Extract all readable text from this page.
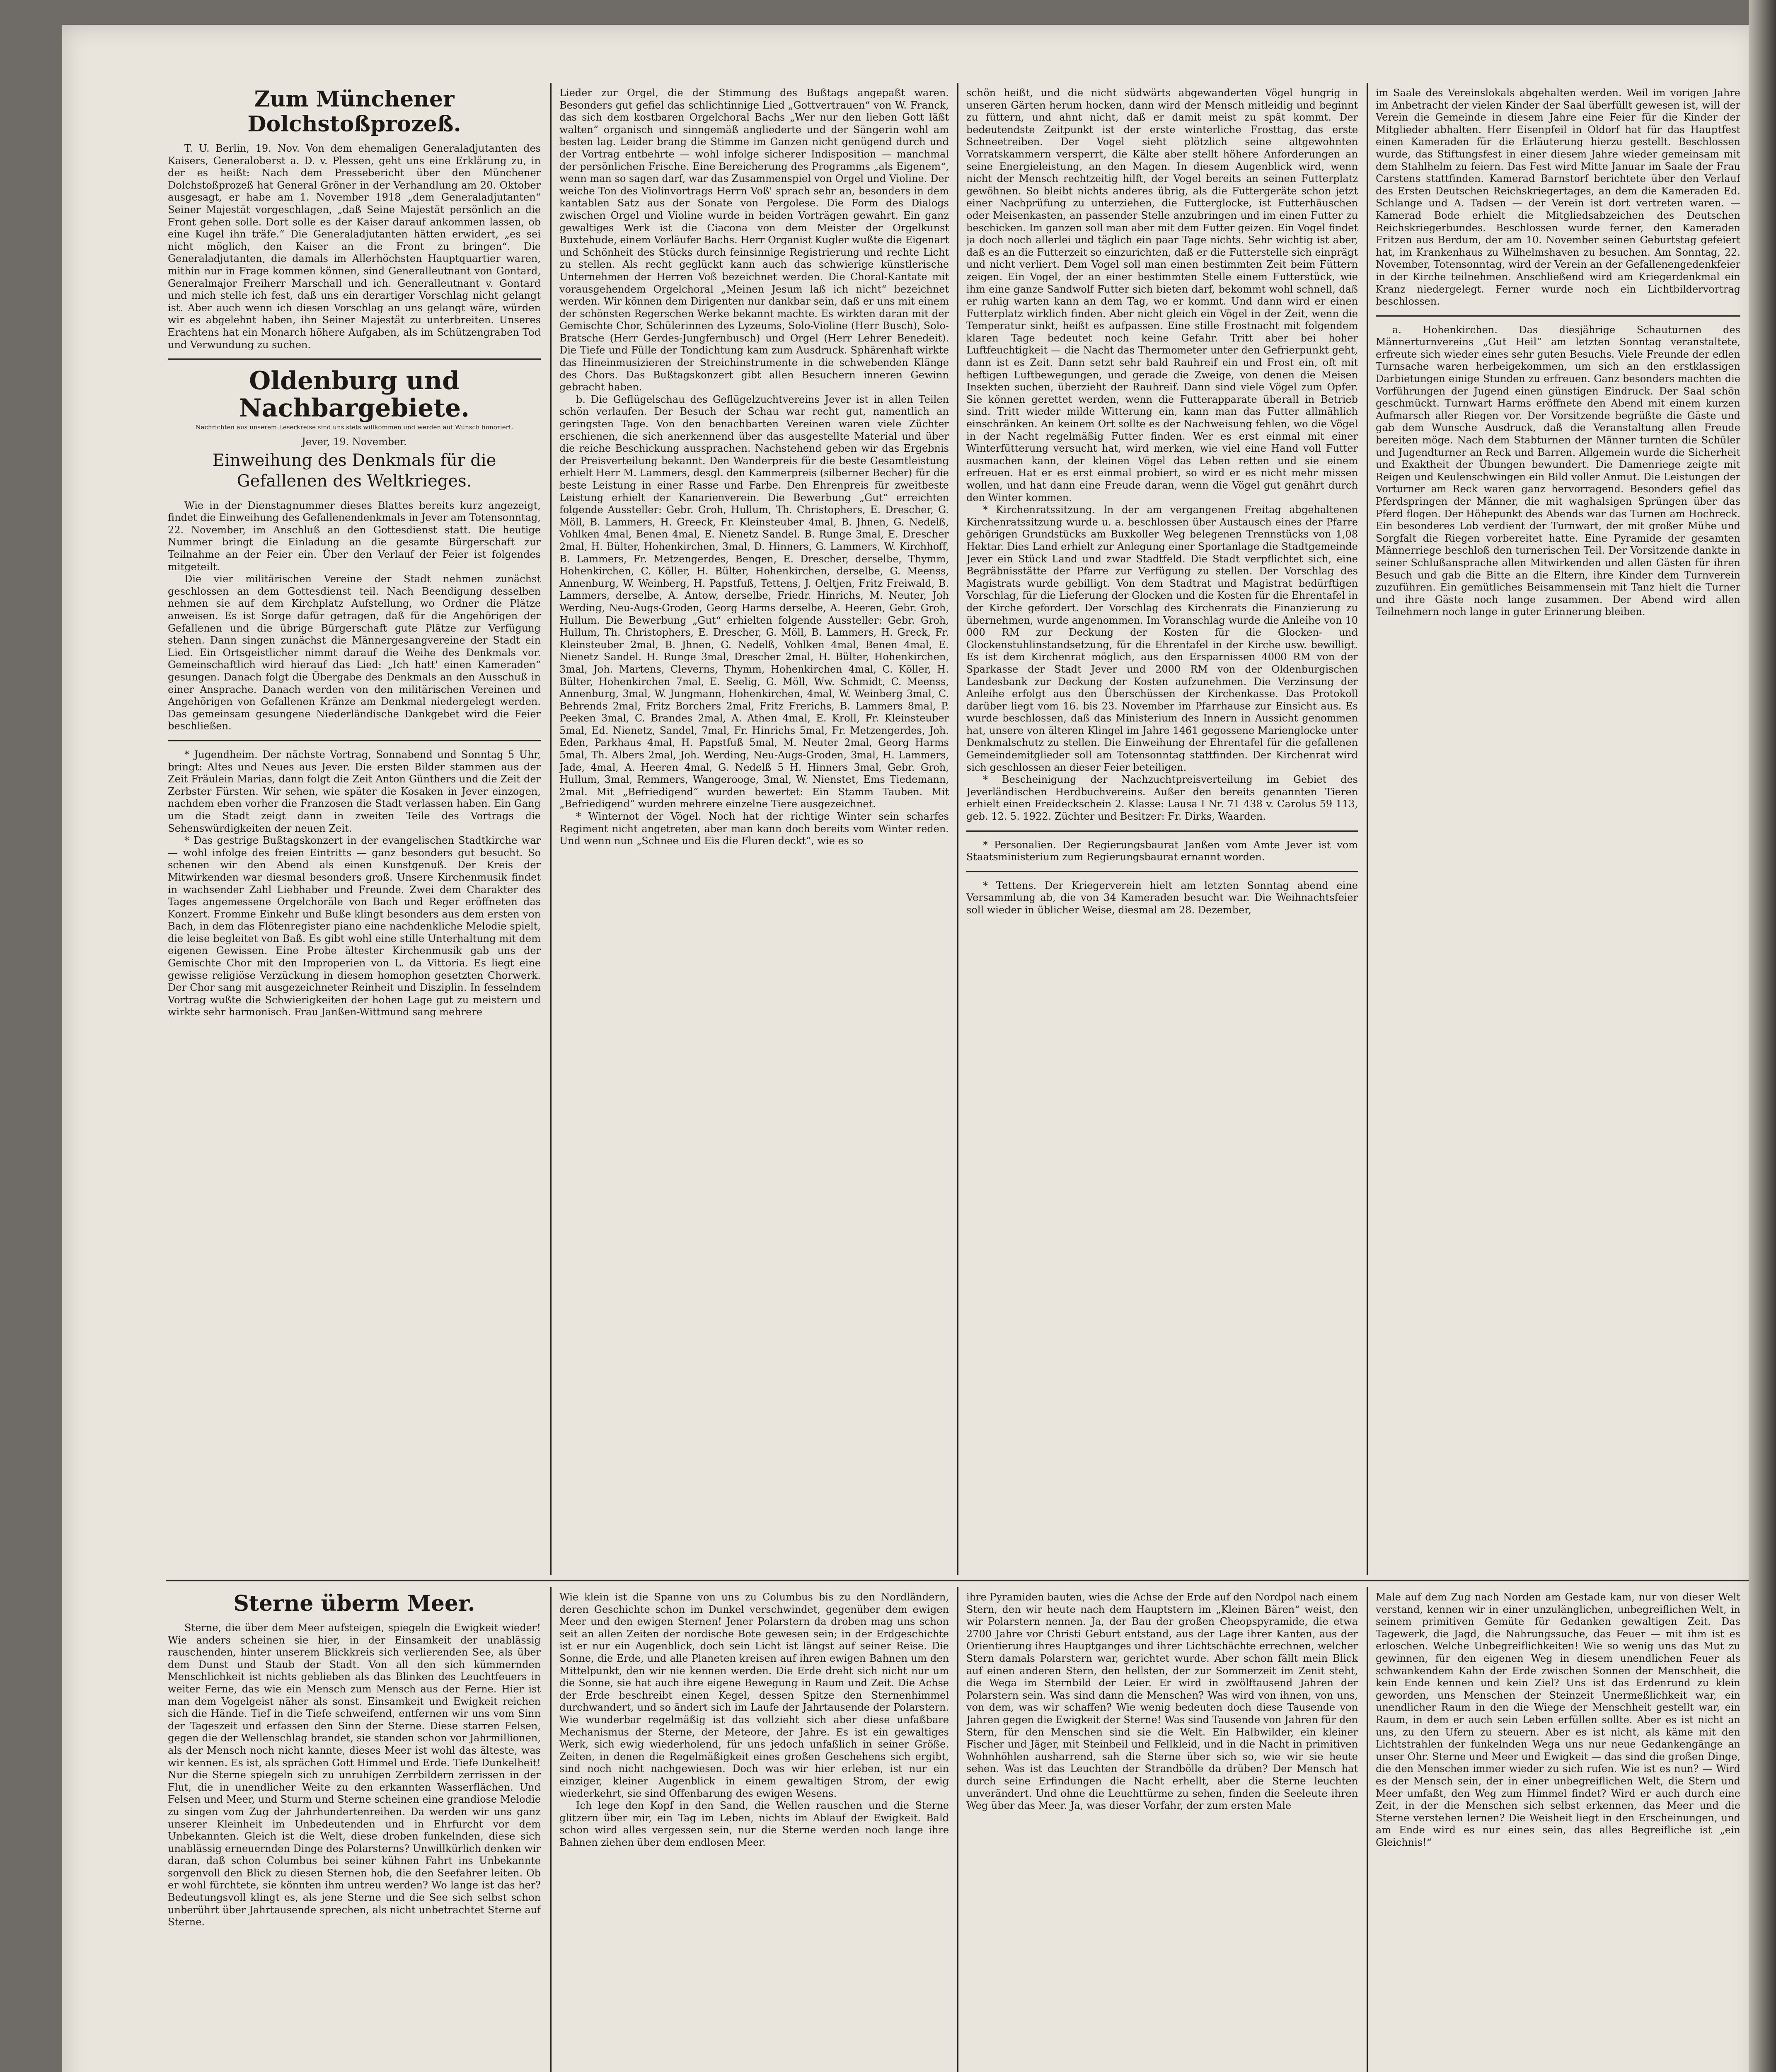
Zum Münchener Dolchstoßprozeß.

T. U. Berlin, 19. Nov. Von dem ehemaligen Generaladjutanten des Kaisers, Generaloberst a. D. v. Plessen, geht uns eine Erklärung zu, in der es heißt: Nach dem Pressebericht über den Münchener Dolchstoßprozeß hat General Gröner in der Verhandlung am 20. Oktober ausgesagt, er habe am 1. November 1918 „dem Generaladjutanten“ Seiner Majestät vorgeschlagen, „daß Seine Majestät persönlich an die Front gehen solle. Dort solle es der Kaiser darauf ankommen lassen, ob eine Kugel ihn träfe.“ Die Generaladjutanten hätten erwidert, „es sei nicht möglich, den Kaiser an die Front zu bringen“. Die Generaladjutanten, die damals im Allerhöchsten Hauptquartier waren, mithin nur in Frage kommen können, sind Generalleutnant von Gontard, Generalmajor Freiherr Marschall und ich. Generalleutnant v. Gontard und mich stelle ich fest, daß uns ein derartiger Vorschlag nicht gelangt ist. Aber auch wenn ich diesen Vorschlag an uns gelangt wäre, würden wir es abgelehnt haben, ihn Seiner Majestät zu unterbreiten. Unseres Erachtens hat ein Monarch höhere Aufgaben, als im Schützengraben Tod und Verwundung zu suchen.

Oldenburg und Nachbargebiete.
Nachrichten aus unserem Leserkreise sind uns stets willkommen und werden auf Wunsch honoriert.
Jever, 19. November.
Einweihung des Denkmals für die Gefallenen des Weltkrieges.

Wie in der Dienstagnummer dieses Blattes bereits kurz angezeigt, findet die Einweihung des Gefallenendenkmals in Jever am Totensonntag, 22. November, im Anschluß an den Gottesdienst statt. Die heutige Nummer bringt die Einladung an die gesamte Bürgerschaft zur Teilnahme an der Feier ein. Über den Verlauf der Feier ist folgendes mitgeteilt.

Die vier militärischen Vereine der Stadt nehmen zunächst geschlossen an dem Gottesdienst teil. Nach Beendigung desselben nehmen sie auf dem Kirchplatz Aufstellung, wo Ordner die Plätze anweisen. Es ist Sorge dafür getragen, daß für die Angehörigen der Gefallenen und die übrige Bürgerschaft gute Plätze zur Verfügung stehen. Dann singen zunächst die Männergesangvereine der Stadt ein Lied. Ein Ortsgeistlicher nimmt darauf die Weihe des Denkmals vor. Gemeinschaftlich wird hierauf das Lied: „Ich hatt' einen Kameraden“ gesungen. Danach folgt die Übergabe des Denkmals an den Ausschuß in einer Ansprache. Danach werden von den militärischen Vereinen und Angehörigen von Gefallenen Kränze am Denkmal niedergelegt werden. Das gemeinsam gesungene Niederländische Dankgebet wird die Feier beschließen.

* Jugendheim. Der nächste Vortrag, Sonnabend und Sonntag 5 Uhr, bringt: Altes und Neues aus Jever. Die ersten Bilder stammen aus der Zeit Fräulein Marias, dann folgt die Zeit Anton Günthers und die Zeit der Zerbster Fürsten. Wir sehen, wie später die Kosaken in Jever einzogen, nachdem eben vorher die Franzosen die Stadt verlassen haben. Ein Gang um die Stadt zeigt dann in zweiten Teile des Vortrags die Sehenswürdigkeiten der neuen Zeit.

* Das gestrige Bußtagskonzert in der evangelischen Stadtkirche war — wohl infolge des freien Eintritts — ganz besonders gut besucht. So schenen wir den Abend als einen Kunstgenuß. Der Kreis der Mitwirkenden war diesmal besonders groß. Unsere Kirchenmusik findet in wachsender Zahl Liebhaber und Freunde. Zwei dem Charakter des Tages angemessene Orgelchoräle von Bach und Reger eröffneten das Konzert. Fromme Einkehr und Buße klingt besonders aus dem ersten von Bach, in dem das Flötenregister piano eine nachdenkliche Melodie spielt, die leise begleitet von Baß. Es gibt wohl eine stille Unterhaltung mit dem eigenen Gewissen. Eine Probe ältester Kirchenmusik gab uns der Gemischte Chor mit den Improperien von L. da Vittoria. Es liegt eine gewisse religiöse Verzückung in diesem homophon gesetzten Chorwerk. Der Chor sang mit ausgezeichneter Reinheit und Disziplin. In fesselndem Vortrag wußte die Schwierigkeiten der hohen Lage gut zu meistern und wirkte sehr harmonisch. Frau Janßen-Wittmund sang mehrere

Lieder zur Orgel, die der Stimmung des Bußtags angepaßt waren. Besonders gut gefiel das schlichtinnige Lied „Gottvertrauen“ von W. Franck, das sich dem kostbaren Orgelchoral Bachs „Wer nur den lieben Gott läßt walten“ organisch und sinngemäß angliederte und der Sängerin wohl am besten lag. Leider brang die Stimme im Ganzen nicht genügend durch und der Vortrag entbehrte — wohl infolge sicherer Indisposition — manchmal der persönlichen Frische. Eine Bereicherung des Programms „als Eigenem“, wenn man so sagen darf, war das Zusammenspiel von Orgel und Violine. Der weiche Ton des Violinvortrags Herrn Voß' sprach sehr an, besonders in dem kantablen Satz aus der Sonate von Pergolese. Die Form des Dialogs zwischen Orgel und Violine wurde in beiden Vorträgen gewahrt. Ein ganz gewaltiges Werk ist die Ciacona von dem Meister der Orgelkunst Buxtehude, einem Vorläufer Bachs. Herr Organist Kugler wußte die Eigenart und Schönheit des Stücks durch feinsinnige Registrierung und rechte Licht zu stellen. Als recht geglückt kann auch das schwierige künstlerische Unternehmen der Herren Voß bezeichnet werden. Die Choral-Kantate mit vorausgehendem Orgelchoral „Meinen Jesum laß ich nicht“ bezeichnet werden. Wir können dem Dirigenten nur dankbar sein, daß er uns mit einem der schönsten Regerschen Werke bekannt machte. Es wirkten daran mit der Gemischte Chor, Schülerinnen des Lyzeums, Solo-Violine (Herr Busch), Solo-Bratsche (Herr Gerdes-Jungfernbusch) und Orgel (Herr Lehrer Benedeit). Die Tiefe und Fülle der Tondichtung kam zum Ausdruck. Sphärenhaft wirkte das Hineinmusizieren der Streichinstrumente in die schwebenden Klänge des Chors. Das Bußtagskonzert gibt allen Besuchern inneren Gewinn gebracht haben.

b. Die Geflügelschau des Geflügelzuchtvereins Jever ist in allen Teilen schön verlaufen. Der Besuch der Schau war recht gut, namentlich an geringsten Tage. Von den benachbarten Vereinen waren viele Züchter erschienen, die sich anerkennend über das ausgestellte Material und über die reiche Beschickung aussprachen. Nachstehend geben wir das Ergebnis der Preisverteilung bekannt. Den Wanderpreis für die beste Gesamtleistung erhielt Herr M. Lammers, desgl. den Kammerpreis (silberner Becher) für die beste Leistung in einer Rasse und Farbe. Den Ehrenpreis für zweitbeste Leistung erhielt der Kanarienverein. Die Bewerbung „Gut“ erreichten folgende Aussteller: Gebr. Groh, Hullum, Th. Christophers, E. Drescher, G. Möll, B. Lammers, H. Greeck, Fr. Kleinsteuber 4mal, B. Jhnen, G. Nedelß, Vohlken 4mal, Benen 4mal, E. Nienetz Sandel. B. Runge 3mal, E. Drescher 2mal, H. Bülter, Hohenkirchen, 3mal, D. Hinners, G. Lammers, W. Kirchhoff, B. Lammers, Fr. Metzengerdes, Bengen, E. Drescher, derselbe, Thymm, Hohenkirchen, C. Köller, H. Bülter, Hohenkirchen, derselbe, G. Meenss, Annenburg, W. Weinberg, H. Papstfuß, Tettens, J. Oeltjen, Fritz Freiwald, B. Lammers, derselbe, A. Antow, derselbe, Friedr. Hinrichs, M. Neuter, Joh Werding, Neu-Augs-Groden, Georg Harms derselbe, A. Heeren, Gebr. Groh, Hullum. Die Bewerbung „Gut“ erhielten folgende Aussteller: Gebr. Groh, Hullum, Th. Christophers, E. Drescher, G. Möll, B. Lammers, H. Greck, Fr. Kleinsteuber 2mal, B. Jhnen, G. Nedelß, Vohlken 4mal, Benen 4mal, E. Nienetz Sandel. H. Runge 3mal, Drescher 2mal, H. Bülter, Hohenkirchen, 3mal, Joh. Martens, Cleverns, Thymm, Hohenkirchen 4mal, C. Köller, H. Bülter, Hohenkirchen 7mal, E. Seelig, G. Möll, Ww. Schmidt, C. Meenss, Annenburg, 3mal, W. Jungmann, Hohenkirchen, 4mal, W. Weinberg 3mal, C. Behrends 2mal, Fritz Borchers 2mal, Fritz Frerichs, B. Lammers 8mal, P. Peeken 3mal, C. Brandes 2mal, A. Athen 4mal, E. Kroll, Fr. Kleinsteuber 5mal, Ed. Nienetz, Sandel, 7mal, Fr. Hinrichs 5mal, Fr. Metzengerdes, Joh. Eden, Parkhaus 4mal, H. Papstfuß 5mal, M. Neuter 2mal, Georg Harms 5mal, Th. Albers 2mal, Joh. Werding, Neu-Augs-Groden, 3mal, H. Lammers, Jade, 4mal, A. Heeren 4mal, G. Nedelß 5 H. Hinners 3mal, Gebr. Groh, Hullum, 3mal, Remmers, Wangerooge, 3mal, W. Nienstet, Ems Tiedemann, 2mal. Mit „Befriedigend“ wurden bewertet: Ein Stamm Tauben. Mit „Befriedigend“ wurden mehrere einzelne Tiere ausgezeichnet.

* Winternot der Vögel. Noch hat der richtige Winter sein scharfes Regiment nicht angetreten, aber man kann doch bereits vom Winter reden. Und wenn nun „Schnee und Eis die Fluren deckt“, wie es so

schön heißt, und die nicht südwärts abgewanderten Vögel hungrig in unseren Gärten herum hocken, dann wird der Mensch mitleidig und beginnt zu füttern, und ahnt nicht, daß er damit meist zu spät kommt. Der bedeutendste Zeitpunkt ist der erste winterliche Frosttag, das erste Schneetreiben. Der Vogel sieht plötzlich seine altgewohnten Vorratskammern versperrt, die Kälte aber stellt höhere Anforderungen an seine Energieleistung, an den Magen. In diesem Augenblick wird, wenn nicht der Mensch rechtzeitig hilft, der Vogel bereits an seinen Futterplatz gewöhnen. So bleibt nichts anderes übrig, als die Futtergeräte schon jetzt einer Nachprüfung zu unterziehen, die Futterglocke, ist Futterhäuschen oder Meisenkasten, an passender Stelle anzubringen und im einen Futter zu beschicken. Im ganzen soll man aber mit dem Futter geizen. Ein Vogel findet ja doch noch allerlei und täglich ein paar Tage nichts. Sehr wichtig ist aber, daß es an die Futterzeit so einzurichten, daß er die Futterstelle sich einprägt und nicht verliert. Dem Vogel soll man einen bestimmten Zeit beim Füttern zeigen. Ein Vogel, der an einer bestimmten Stelle einem Futterstück, wie ihm eine ganze Sandwolf Futter sich bieten darf, bekommt wohl schnell, daß er ruhig warten kann an dem Tag, wo er kommt. Und dann wird er einen Futterplatz wirklich finden. Aber nicht gleich ein Vögel in der Zeit, wenn die Temperatur sinkt, heißt es aufpassen. Eine stille Frostnacht mit folgendem klaren Tage bedeutet noch keine Gefahr. Tritt aber bei hoher Luftfeuchtigkeit — die Nacht das Thermometer unter den Gefrierpunkt geht, dann ist es Zeit. Dann setzt sehr bald Rauhreif ein und Frost ein, oft mit heftigen Luftbewegungen, und gerade die Zweige, von denen die Meisen Insekten suchen, überzieht der Rauhreif. Dann sind viele Vögel zum Opfer. Sie können gerettet werden, wenn die Futterapparate überall in Betrieb sind. Tritt wieder milde Witterung ein, kann man das Futter allmählich einschränken. An keinem Ort sollte es der Nachweisung fehlen, wo die Vögel in der Nacht regelmäßig Futter finden. Wer es erst einmal mit einer Winterfütterung versucht hat, wird merken, wie viel eine Hand voll Futter ausmachen kann, der kleinen Vögel das Leben retten und sie einem erfreuen. Hat er es erst einmal probiert, so wird er es nicht mehr missen wollen, und hat dann eine Freude daran, wenn die Vögel gut genährt durch den Winter kommen.

* Kirchenratssitzung. In der am vergangenen Freitag abgehaltenen Kirchenratssitzung wurde u. a. beschlossen über Austausch eines der Pfarre gehörigen Grundstücks am Buxkoller Weg belegenen Trennstücks von 1,08 Hektar. Dies Land erhielt zur Anlegung einer Sportanlage die Stadtgemeinde Jever ein Stück Land und zwar Stadtfeld. Die Stadt verpflichtet sich, eine Begräbnisstätte der Pfarre zur Verfügung zu stellen. Der Vorschlag des Magistrats wurde gebilligt. Von dem Stadtrat und Magistrat bedürftigen Vorschlag, für die Lieferung der Glocken und die Kosten für die Ehrentafel in der Kirche gefordert. Der Vorschlag des Kirchenrats die Finanzierung zu übernehmen, wurde angenommen. Im Voranschlag wurde die Anleihe von 10 000 RM zur Deckung der Kosten für die Glocken- und Glockenstuhlinstandsetzung, für die Ehrentafel in der Kirche usw. bewilligt. Es ist dem Kirchenrat möglich, aus den Ersparnissen 4000 RM von der Sparkasse der Stadt Jever und 2000 RM von der Oldenburgischen Landesbank zur Deckung der Kosten aufzunehmen. Die Verzinsung der Anleihe erfolgt aus den Überschüssen der Kirchenkasse. Das Protokoll darüber liegt vom 16. bis 23. November im Pfarrhause zur Einsicht aus. Es wurde beschlossen, daß das Ministerium des Innern in Aussicht genommen hat, unsere von älteren Klingel im Jahre 1461 gegossene Marienglocke unter Denkmalschutz zu stellen. Die Einweihung der Ehrentafel für die gefallenen Gemeindemitglieder soll am Totensonntag stattfinden. Der Kirchenrat wird sich geschlossen an dieser Feier beteiligen.

* Bescheinigung der Nachzuchtpreisverteilung im Gebiet des Jeverländischen Herdbuchvereins. Außer den bereits genannten Tieren erhielt einen Freideckschein 2. Klasse: Lausa I Nr. 71 438 v. Carolus 59 113, geb. 12. 5. 1922. Züchter und Besitzer: Fr. Dirks, Waarden.

* Personalien. Der Regierungsbaurat Janßen vom Amte Jever ist vom Staatsministerium zum Regierungsbaurat ernannt worden.

* Tettens. Der Kriegerverein hielt am letzten Sonntag abend eine Versammlung ab, die von 34 Kameraden besucht war. Die Weihnachtsfeier soll wieder in üblicher Weise, diesmal am 28. Dezember,

im Saale des Vereinslokals abgehalten werden. Weil im vorigen Jahre im Anbetracht der vielen Kinder der Saal überfüllt gewesen ist, will der Verein die Gemeinde in diesem Jahre eine Feier für die Kinder der Mitglieder abhalten. Herr Eisenpfeil in Oldorf hat für das Hauptfest einen Kameraden für die Erläuterung hierzu gestellt. Beschlossen wurde, das Stiftungsfest in einer diesem Jahre wieder gemeinsam mit dem Stahlhelm zu feiern. Das Fest wird Mitte Januar im Saale der Frau Carstens stattfinden. Kamerad Barnstorf berichtete über den Verlauf des Ersten Deutschen Reichskriegertages, an dem die Kameraden Ed. Schlange und A. Tadsen — der Verein ist dort vertreten waren. — Kamerad Bode erhielt die Mitgliedsabzeichen des Deutschen Reichskriegerbundes. Beschlossen wurde ferner, den Kameraden Fritzen aus Berdum, der am 10. November seinen Geburtstag gefeiert hat, im Krankenhaus zu Wilhelmshaven zu besuchen. Am Sonntag, 22. November, Totensonntag, wird der Verein an der Gefallenengedenkfeier in der Kirche teilnehmen. Anschließend wird am Kriegerdenkmal ein Kranz niedergelegt. Ferner wurde noch ein Lichtbildervortrag beschlossen.

a. Hohenkirchen. Das diesjährige Schauturnen des Männerturnvereins „Gut Heil“ am letzten Sonntag veranstaltete, erfreute sich wieder eines sehr guten Besuchs. Viele Freunde der edlen Turnsache waren herbeigekommen, um sich an den erstklassigen Darbietungen einige Stunden zu erfreuen. Ganz besonders machten die Vorführungen der Jugend einen günstigen Eindruck. Der Saal schön geschmückt. Turnwart Harms eröffnete den Abend mit einem kurzen Aufmarsch aller Riegen vor. Der Vorsitzende begrüßte die Gäste und gab dem Wunsche Ausdruck, daß die Veranstaltung allen Freude bereiten möge. Nach dem Stabturnen der Männer turnten die Schüler und Jugendturner an Reck und Barren. Allgemein wurde die Sicherheit und Exaktheit der Übungen bewundert. Die Damenriege zeigte mit Reigen und Keulenschwingen ein Bild voller Anmut. Die Leistungen der Vorturner am Reck waren ganz hervorragend. Besonders gefiel das Pferdspringen der Männer, die mit waghalsigen Sprüngen über das Pferd flogen. Der Höhepunkt des Abends war das Turnen am Hochreck. Ein besonderes Lob verdient der Turnwart, der mit großer Mühe und Sorgfalt die Riegen vorbereitet hatte. Eine Pyramide der gesamten Männerriege beschloß den turnerischen Teil. Der Vorsitzende dankte in seiner Schlußansprache allen Mitwirkenden und allen Gästen für ihren Besuch und gab die Bitte an die Eltern, ihre Kinder dem Turnverein zuzuführen. Ein gemütliches Beisammensein mit Tanz hielt die Turner und ihre Gäste noch lange zusammen. Der Abend wird allen Teilnehmern noch lange in guter Erinnerung bleiben.

Sterne überm Meer.

Sterne, die über dem Meer aufsteigen, spiegeln die Ewigkeit wieder! Wie anders scheinen sie hier, in der Einsamkeit der unablässig rauschenden, hinter unserem Blickkreis sich verlierenden See, als über dem Dunst und Staub der Stadt. Von all den sich kümmernden Menschlichkeit ist nichts geblieben als das Blinken des Leuchtfeuers in weiter Ferne, das wie ein Mensch zum Mensch aus der Ferne. Hier ist man dem Vogelgeist näher als sonst. Einsamkeit und Ewigkeit reichen sich die Hände. Tief in die Tiefe schweifend, entfernen wir uns vom Sinn der Tageszeit und erfassen den Sinn der Sterne. Diese starren Felsen, gegen die der Wellenschlag brandet, sie standen schon vor Jahrmillionen, als der Mensch noch nicht kannte, dieses Meer ist wohl das älteste, was wir kennen. Es ist, als sprächen Gott Himmel und Erde. Tiefe Dunkelheit! Nur die Sterne spiegeln sich zu unruhigen Zerrbildern zerrissen in der Flut, die in unendlicher Weite zu den erkannten Wasserflächen. Und Felsen und Meer, und Sturm und Sterne scheinen eine grandiose Melodie zu singen vom Zug der Jahrhundertenreihen. Da werden wir uns ganz unserer Kleinheit im Unbedeutenden und in Ehrfurcht vor dem Unbekannten. Gleich ist die Welt, diese droben funkelnden, diese sich unablässig erneuernden Dinge des Polarsterns? Unwillkürlich denken wir daran, daß schon Columbus bei seiner kühnen Fahrt ins Unbekannte sorgenvoll den Blick zu diesen Sternen hob, die den Seefahrer leiten. Ob er wohl fürchtete, sie könnten ihm untreu werden? Wo lange ist das her? Bedeutungsvoll klingt es, als jene Sterne und die See sich selbst schon unberührt über Jahrtausende sprechen, als nicht unbetrachtet Sterne auf Sterne.

Wie klein ist die Spanne von uns zu Columbus bis zu den Nordländern, deren Geschichte schon im Dunkel verschwindet, gegenüber dem ewigen Meer und den ewigen Sternen! Jener Polarstern da droben mag uns schon seit an allen Zeiten der nordische Bote gewesen sein; in der Erdgeschichte ist er nur ein Augenblick, doch sein Licht ist längst auf seiner Reise. Die Sonne, die Erde, und alle Planeten kreisen auf ihren ewigen Bahnen um den Mittelpunkt, den wir nie kennen werden. Die Erde dreht sich nicht nur um die Sonne, sie hat auch ihre eigene Bewegung in Raum und Zeit. Die Achse der Erde beschreibt einen Kegel, dessen Spitze den Sternenhimmel durchwandert, und so ändert sich im Laufe der Jahrtausende der Polarstern. Wie wunderbar regelmäßig ist das vollzieht sich aber diese unfaßbare Mechanismus der Sterne, der Meteore, der Jahre. Es ist ein gewaltiges Werk, sich ewig wiederholend, für uns jedoch unfaßlich in seiner Größe. Zeiten, in denen die Regelmäßigkeit eines großen Geschehens sich ergibt, sind noch nicht nachgewiesen. Doch was wir hier erleben, ist nur ein einziger, kleiner Augenblick in einem gewaltigen Strom, der ewig wiederkehrt, sie sind Offenbarung des ewigen Wesens.

Ich lege den Kopf in den Sand, die Wellen rauschen und die Sterne glitzern über mir, ein Tag im Leben, nichts im Ablauf der Ewigkeit. Bald schon wird alles vergessen sein, nur die Sterne werden noch lange ihre Bahnen ziehen über dem endlosen Meer.

ihre Pyramiden bauten, wies die Achse der Erde auf den Nordpol nach einem Stern, den wir heute nach dem Hauptstern im „Kleinen Bären“ weist, den wir Polarstern nennen. Ja, der Bau der großen Cheopspyramide, die etwa 2700 Jahre vor Christi Geburt entstand, aus der Lage ihrer Kanten, aus der Orientierung ihres Hauptganges und ihrer Lichtschächte errechnen, welcher Stern damals Polarstern war, gerichtet wurde. Aber schon fällt mein Blick auf einen anderen Stern, den hellsten, der zur Sommerzeit im Zenit steht, die Wega im Sternbild der Leier. Er wird in zwölftausend Jahren der Polarstern sein. Was sind dann die Menschen? Was wird von ihnen, von uns, von dem, was wir schaffen? Wie wenig bedeuten doch diese Tausende von Jahren gegen die Ewigkeit der Sterne! Was sind Tausende von Jahren für den Stern, für den Menschen sind sie die Welt. Ein Halbwilder, ein kleiner Fischer und Jäger, mit Steinbeil und Fellkleid, und in die Nacht in primitiven Wohnhöhlen ausharrend, sah die Sterne über sich so, wie wir sie heute sehen. Was ist das Leuchten der Strandbölle da drüben? Der Mensch hat durch seine Erfindungen die Nacht erhellt, aber die Sterne leuchten unverändert. Und ohne die Leuchttürme zu sehen, finden die Seeleute ihren Weg über das Meer. Ja, was dieser Vorfahr, der zum ersten Male

Male auf dem Zug nach Norden am Gestade kam, nur von dieser Welt verstand, kennen wir in einer unzulänglichen, unbegreiflichen Welt, in seinem primitiven Gemüte für Gedanken gewaltigen Zeit. Das Tagewerk, die Jagd, die Nahrungssuche, das Feuer — mit ihm ist es erloschen. Welche Unbegreiflichkeiten! Wie so wenig uns das Mut zu gewinnen, für den eigenen Weg in diesem unendlichen Feuer als schwankendem Kahn der Erde zwischen Sonnen der Menschheit, die kein Ende kennen und kein Ziel? Uns ist das Erdenrund zu klein geworden, uns Menschen der Steinzeit Unermeßlichkeit war, ein unendlicher Raum in den die Wiege der Menschheit gestellt war, ein Raum, in dem er auch sein Leben erfüllen sollte. Aber es ist nicht an uns, zu den Ufern zu steuern. Aber es ist nicht, als käme mit den Lichtstrahlen der funkelnden Wega uns nur neue Gedankengänge an unser Ohr. Sterne und Meer und Ewigkeit — das sind die großen Dinge, die den Menschen immer wieder zu sich rufen. Wie ist es nun? — Wird es der Mensch sein, der in einer unbegreiflichen Welt, die Stern und Meer umfaßt, den Weg zum Himmel findet? Wird er auch durch eine Zeit, in der die Menschen sich selbst erkennen, das Meer und die Sterne verstehen lernen? Die Weisheit liegt in den Erscheinungen, und am Ende wird es nur eines sein, das alles Begreifliche ist „ein Gleichnis!“
